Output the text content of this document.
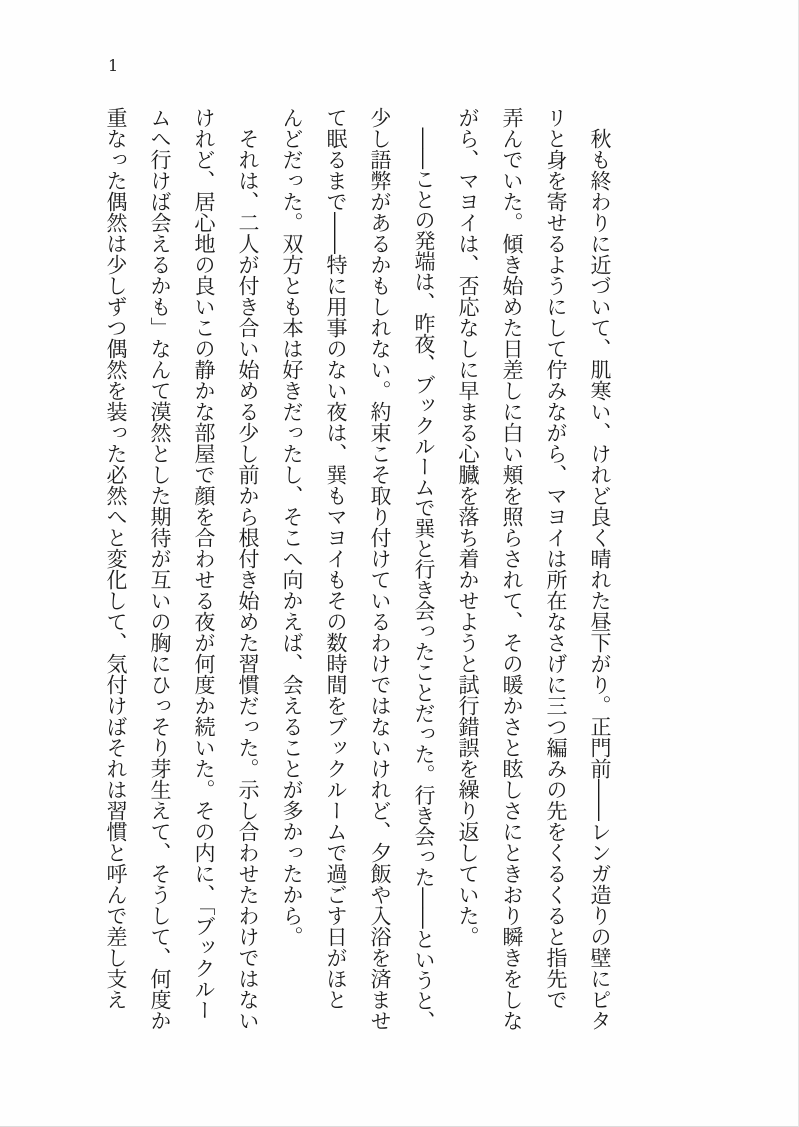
1
　秋も終わりに近づいて、肌寒い、けれど良く晴れた昼下がり。正門前――レンガ造りの壁にピタ
リと身を寄せるようにして佇みながら、マヨイは所在なさげに三つ編みの先をくるくると指先で
弄んでいた。傾き始めた日差しに白い頬を照らされて、その暖かさと眩しさにときおり瞬きをしな
がら、マヨイは、否応なしに早まる心臓を落ち着かせようと試行錯誤を繰り返していた。
　――ことの発端は、昨夜、ブックルームで巽と行き会ったことだった。行き会った――というと、
少し語弊があるかもしれない。約束こそ取り付けているわけではないけれど、夕飯や入浴を済ませ
て眠るまで――特に用事のない夜は、巽もマヨイもその数時間をブックルームで過ごす日がほと
んどだった。双方とも本は好きだったし、そこへ向かえば、会えることが多かったから。
　それは、二人が付き合い始める少し前から根付き始めた習慣だった。示し合わせたわけではない
けれど、居心地の良いこの静かな部屋で顔を合わせる夜が何度か続いた。その内に、「ブックルー
ムへ行けば会えるかも」なんて漠然とした期待が互いの胸にひっそり芽生えて、そうして、何度か
重なった偶然は少しずつ偶然を装った必然へと変化して、気付けばそれは習慣と呼んで差し支え
